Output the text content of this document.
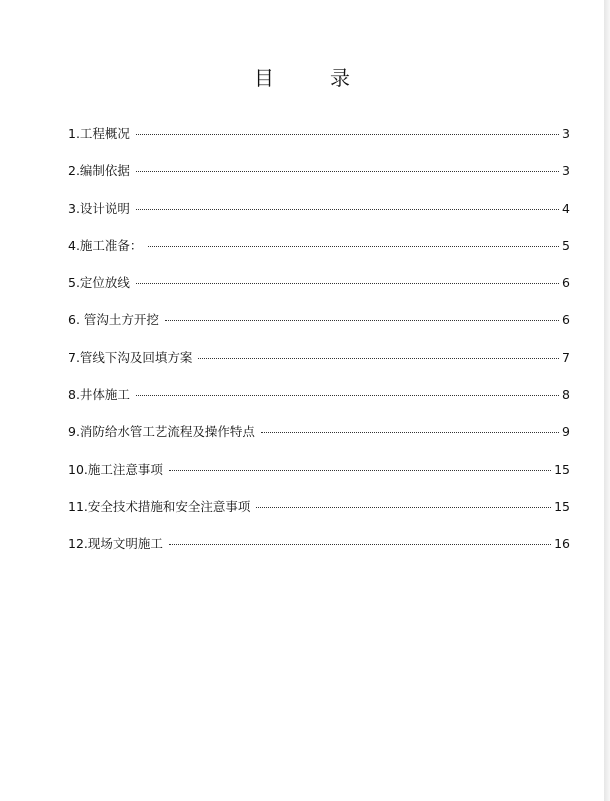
目录
1.工程概况	3
2.编制依据	3
3.设计说明	4
4.施工准备：	5
5.定位放线	6
6. 管沟土方开挖	6
7.管线下沟及回填方案	7
8.井体施工	8
9.消防给水管工艺流程及操作特点	9
10.施工注意事项	15
11.安全技术措施和安全注意事项	15
12.现场文明施工	16
